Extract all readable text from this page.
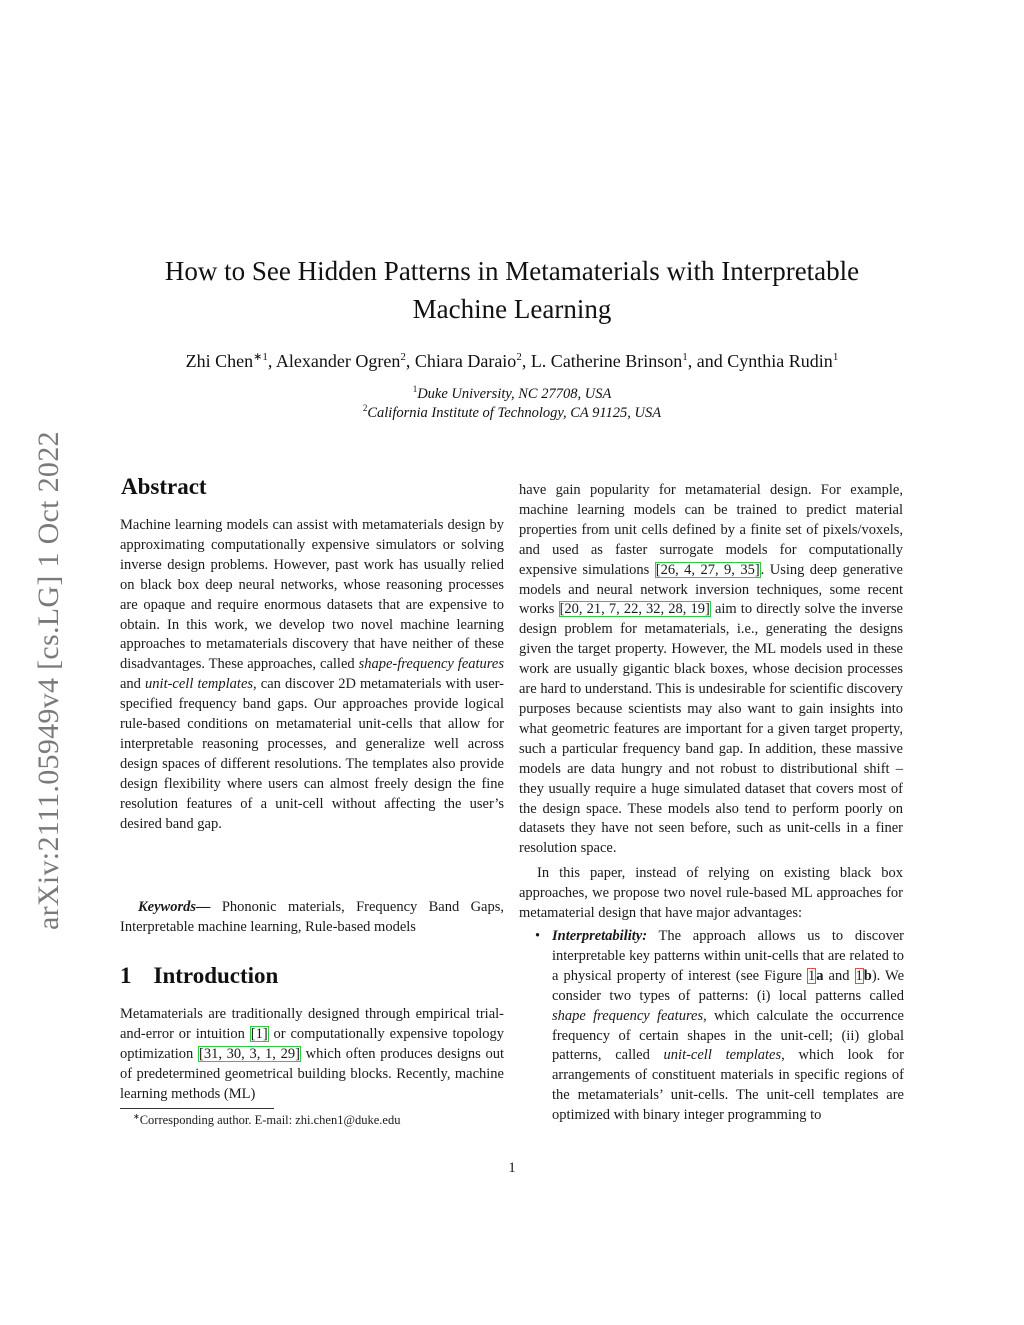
arXiv:2111.05949v4 [cs.LG] 1 Oct 2022
How to See Hidden Patterns in Metamaterials with Interpretable
Machine Learning
Zhi Chen$^{∗1}$, Alexander Ogren$^2$, Chiara Daraio$^2$, L. Catherine Brinson$^1$, and Cynthia Rudin$^1$
$^1$Duke University, NC 27708, USA
$^2$California Institute of Technology, CA 91125, USA
Abstract

Machine learning models can assist with metamaterials design by approximating computationally expensive simulators or solving inverse design problems. However, past work has usually relied on black box deep neural networks, whose reasoning processes are opaque and require enormous datasets that are expensive to obtain. In this work, we develop two novel machine learning approaches to metamaterials discovery that have neither of these disadvantages. These approaches, called shape-frequency features and unit-cell templates, can discover 2D metamaterials with user-specified frequency band gaps. Our approaches provide logical rule-based conditions on metamaterial unit-cells that allow for interpretable reasoning processes, and generalize well across design spaces of different resolutions. The templates also provide design flexibility where users can almost freely design the fine resolution features of a unit-cell without affecting the user’s desired band gap.

Keywords— Phononic materials, Frequency Band Gaps, Interpretable machine learning, Rule-based models
1 Introduction
Metamaterials are traditionally designed through empirical trial-and-error or intuition [1] or computationally expensive topology optimization [31, 30, 3, 1, 29] which often produces designs out of predetermined geometrical building blocks. Recently, machine learning methods (ML)
∗Corresponding author. E-mail: zhi.chen1@duke.edu
have gain popularity for metamaterial design. For example, machine learning models can be trained to predict material properties from unit cells defined by a finite set of pixels/voxels, and used as faster surrogate models for computationally expensive simulations [26, 4, 27, 9, 35]. Using deep generative models and neural network inversion techniques, some recent works [20, 21, 7, 22, 32, 28, 19] aim to directly solve the inverse design problem for metamaterials, i.e., generating the designs given the target property. However, the ML models used in these work are usually gigantic black boxes, whose decision processes are hard to understand. This is undesirable for scientific discovery purposes because scientists may also want to gain insights into what geometric features are important for a given target property, such a particular frequency band gap. In addition, these massive models are data hungry and not robust to distributional shift – they usually require a huge simulated dataset that covers most of the design space. These models also tend to perform poorly on datasets they have not seen before, such as unit-cells in a finer resolution space.
In this paper, instead of relying on existing black box approaches, we propose two novel rule-based ML approaches for metamaterial design that have major advantages:
• Interpretability: The approach allows us to discover interpretable key patterns within unit-cells that are related to a physical property of interest (see Figure 1a and 1b). We consider two types of patterns: (i) local patterns called shape frequency features, which calculate the occurrence frequency of certain shapes in the unit-cell; (ii) global patterns, called unit-cell templates, which look for arrangements of constituent materials in specific regions of the metamaterials’ unit-cells. The unit-cell templates are optimized with binary integer programming to
1
